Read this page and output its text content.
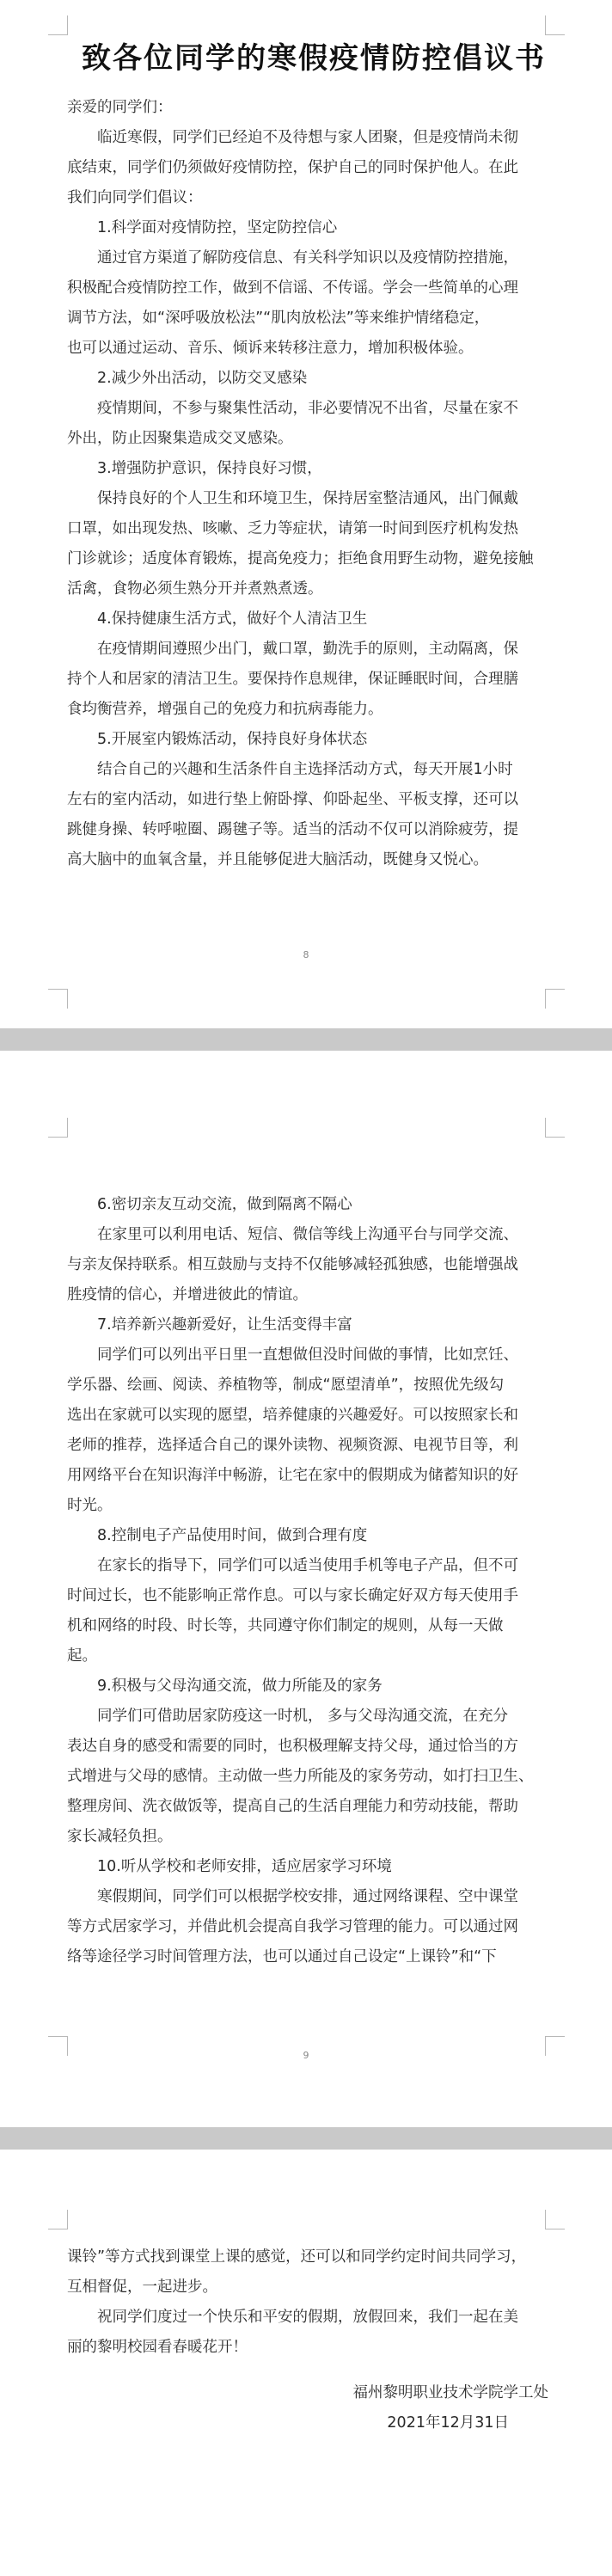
致各位同学的寒假疫情防控倡议书

亲爱的同学们：

临近寒假，同学们已经迫不及待想与家人团聚，但是疫情尚未彻

底结束，同学们仍须做好疫情防控，保护自己的同时保护他人。在此

我们向同学们倡议：

1.科学面对疫情防控，坚定防控信心

通过官方渠道了解防疫信息、有关科学知识以及疫情防控措施，

积极配合疫情防控工作，做到不信谣、不传谣。学会一些简单的心理

调节方法，如“深呼吸放松法”“肌肉放松法”等来维护情绪稳定，

也可以通过运动、音乐、倾诉来转移注意力，增加积极体验。

2.减少外出活动，以防交叉感染

疫情期间，不参与聚集性活动，非必要情况不出省，尽量在家不

外出，防止因聚集造成交叉感染。

3.增强防护意识，保持良好习惯，

保持良好的个人卫生和环境卫生，保持居室整洁通风，出门佩戴

口罩，如出现发热、咳嗽、乏力等症状，请第一时间到医疗机构发热

门诊就诊；适度体育锻炼，提高免疫力；拒绝食用野生动物，避免接触

活禽，食物必须生熟分开并煮熟煮透。

4.保持健康生活方式，做好个人清洁卫生

在疫情期间遵照少出门，戴口罩，勤洗手的原则，主动隔离，保

持个人和居家的清洁卫生。要保持作息规律，保证睡眠时间，合理膳

食均衡营养，增强自己的免疫力和抗病毒能力。

5.开展室内锻炼活动，保持良好身体状态

结合自己的兴趣和生活条件自主选择活动方式，每天开展1小时

左右的室内活动，如进行垫上俯卧撑、仰卧起坐、平板支撑，还可以

跳健身操、转呼啦圈、踢毽子等。适当的活动不仅可以消除疲劳，提

高大脑中的血氧含量，并且能够促进大脑活动，既健身又悦心。

8

6.密切亲友互动交流，做到隔离不隔心

在家里可以利用电话、短信、微信等线上沟通平台与同学交流、

与亲友保持联系。相互鼓励与支持不仅能够减轻孤独感，也能增强战

胜疫情的信心，并增进彼此的情谊。

7.培养新兴趣新爱好，让生活变得丰富

同学们可以列出平日里一直想做但没时间做的事情，比如烹饪、

学乐器、绘画、阅读、养植物等，制成“愿望清单”，按照优先级勾

选出在家就可以实现的愿望，培养健康的兴趣爱好。可以按照家长和

老师的推荐，选择适合自己的课外读物、视频资源、电视节目等，利

用网络平台在知识海洋中畅游，让宅在家中的假期成为储蓄知识的好

时光。

8.控制电子产品使用时间，做到合理有度

在家长的指导下，同学们可以适当使用手机等电子产品，但不可

时间过长，也不能影响正常作息。可以与家长确定好双方每天使用手

机和网络的时段、时长等，共同遵守你们制定的规则，从每一天做

起。

9.积极与父母沟通交流，做力所能及的家务

同学们可借助居家防疫这一时机， 多与父母沟通交流，在充分

表达自身的感受和需要的同时，也积极理解支持父母，通过恰当的方

式增进与父母的感情。主动做一些力所能及的家务劳动，如打扫卫生、

整理房间、洗衣做饭等，提高自己的生活自理能力和劳动技能，帮助

家长减轻负担。

10.听从学校和老师安排，适应居家学习环境

寒假期间，同学们可以根据学校安排，通过网络课程、空中课堂

等方式居家学习，并借此机会提高自我学习管理的能力。可以通过网

络等途径学习时间管理方法，也可以通过自己设定“上课铃”和“下

9

课铃”等方式找到课堂上课的感觉，还可以和同学约定时间共同学习，

互相督促，一起进步。

祝同学们度过一个快乐和平安的假期，放假回来，我们一起在美

丽的黎明校园看春暖花开！

福州黎明职业技术学院学工处

2021年12月31日
